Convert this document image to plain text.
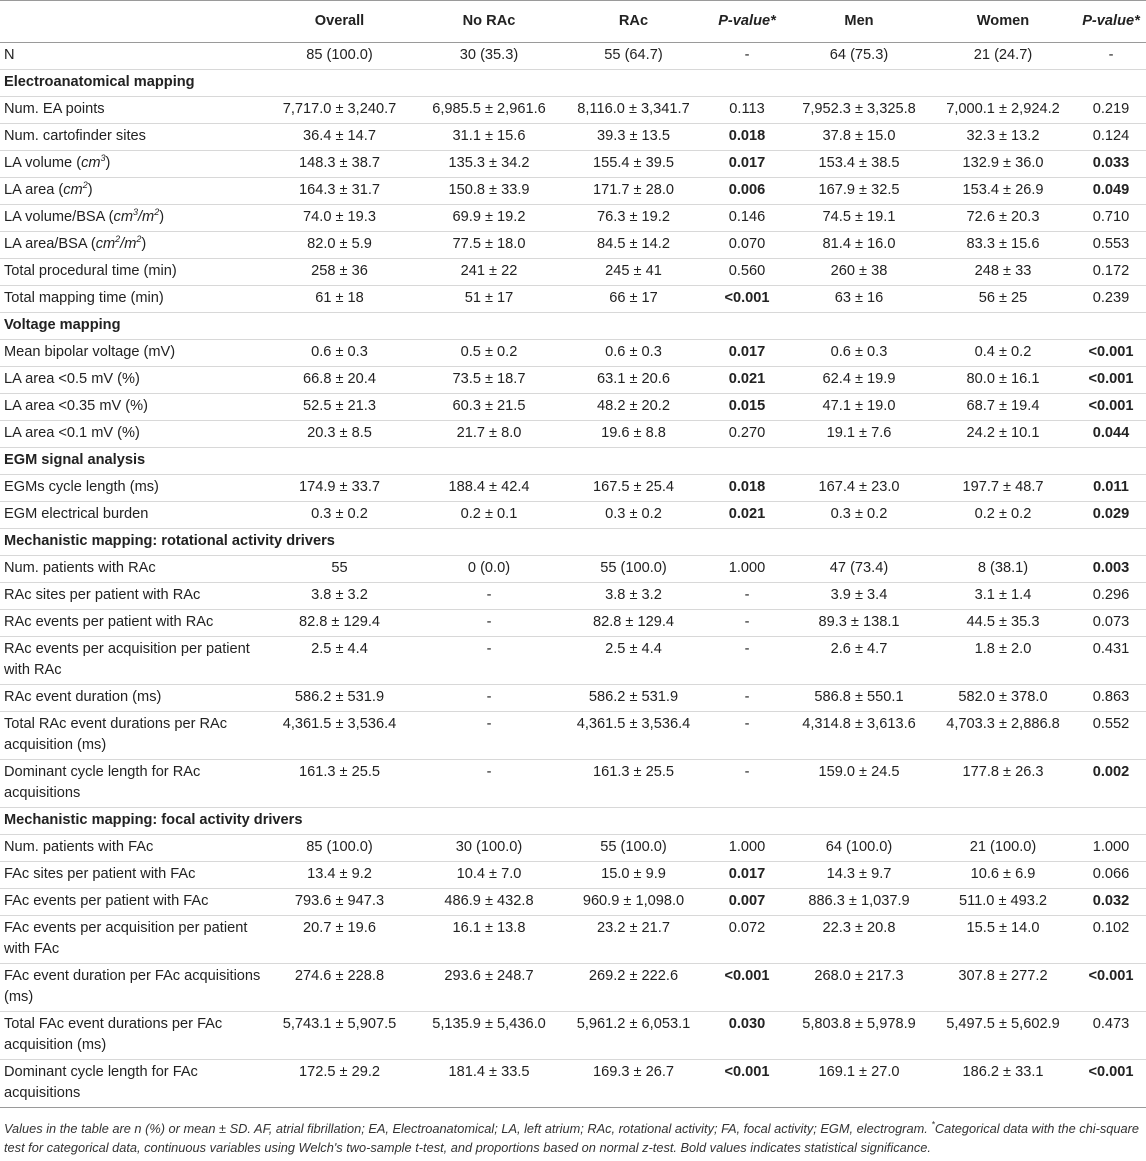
	Overall	No RAc	RAc	P-value*	Men	Women	P-value*
N	85 (100.0)	30 (35.3)	55 (64.7)	-	64 (75.3)	21 (24.7)	-
Electroanatomical mapping							
Num. EA points	7,717.0 ± 3,240.7	6,985.5 ± 2,961.6	8,116.0 ± 3,341.7	0.113	7,952.3 ± 3,325.8	7,000.1 ± 2,924.2	0.219
Num. cartofinder sites	36.4 ± 14.7	31.1 ± 15.6	39.3 ± 13.5	0.018	37.8 ± 15.0	32.3 ± 13.2	0.124
LA volume $(cm^3)$	148.3 ± 38.7	135.3 ± 34.2	155.4 ± 39.5	0.017	153.4 ± 38.5	132.9 ± 36.0	0.033
LA area $(cm^2)$	164.3 ± 31.7	150.8 ± 33.9	171.7 ± 28.0	0.006	167.9 ± 32.5	153.4 ± 26.9	0.049
LA volume/BSA $(cm^3/m^2)$	74.0 ± 19.3	69.9 ± 19.2	76.3 ± 19.2	0.146	74.5 ± 19.1	72.6 ± 20.3	0.710
LA area/BSA $(cm^2/m^2)$	82.0 ± 5.9	77.5 ± 18.0	84.5 ± 14.2	0.070	81.4 ± 16.0	83.3 ± 15.6	0.553
Total procedural time (min)	258 ± 36	241 ± 22	245 ± 41	0.560	260 ± 38	248 ± 33	0.172
Total mapping time (min)	61 ± 18	51 ± 17	66 ± 17	<0.001	63 ± 16	56 ± 25	0.239
Voltage mapping							
Mean bipolar voltage (mV)	0.6 ± 0.3	0.5 ± 0.2	0.6 ± 0.3	0.017	0.6 ± 0.3	0.4 ± 0.2	<0.001
LA area <0.5 mV (%)	66.8 ± 20.4	73.5 ± 18.7	63.1 ± 20.6	0.021	62.4 ± 19.9	80.0 ± 16.1	<0.001
LA area <0.35 mV (%)	52.5 ± 21.3	60.3 ± 21.5	48.2 ± 20.2	0.015	47.1 ± 19.0	68.7 ± 19.4	<0.001
LA area <0.1 mV (%)	20.3 ± 8.5	21.7 ± 8.0	19.6 ± 8.8	0.270	19.1 ± 7.6	24.2 ± 10.1	0.044
EGM signal analysis							
EGMs cycle length (ms)	174.9 ± 33.7	188.4 ± 42.4	167.5 ± 25.4	0.018	167.4 ± 23.0	197.7 ± 48.7	0.011
EGM electrical burden	0.3 ± 0.2	0.2 ± 0.1	0.3 ± 0.2	0.021	0.3 ± 0.2	0.2 ± 0.2	0.029
Mechanistic mapping: rotational activity drivers							
Num. patients with RAc	55	0 (0.0)	55 (100.0)	1.000	47 (73.4)	8 (38.1)	0.003
RAc sites per patient with RAc	3.8 ± 3.2	-	3.8 ± 3.2	-	3.9 ± 3.4	3.1 ± 1.4	0.296
RAc events per patient with RAc	82.8 ± 129.4	-	82.8 ± 129.4	-	89.3 ± 138.1	44.5 ± 35.3	0.073
RAc events per acquisition per patient with RAc	2.5 ± 4.4	-	2.5 ± 4.4	-	2.6 ± 4.7	1.8 ± 2.0	0.431
RAc event duration (ms)	586.2 ± 531.9	-	586.2 ± 531.9	-	586.8 ± 550.1	582.0 ± 378.0	0.863
Total RAc event durations per RAc acquisition (ms)	4,361.5 ± 3,536.4	-	4,361.5 ± 3,536.4	-	4,314.8 ± 3,613.6	4,703.3 ± 2,886.8	0.552
Dominant cycle length for RAc acquisitions	161.3 ± 25.5	-	161.3 ± 25.5	-	159.0 ± 24.5	177.8 ± 26.3	0.002
Mechanistic mapping: focal activity drivers							
Num. patients with FAc	85 (100.0)	30 (100.0)	55 (100.0)	1.000	64 (100.0)	21 (100.0)	1.000
FAc sites per patient with FAc	13.4 ± 9.2	10.4 ± 7.0	15.0 ± 9.9	0.017	14.3 ± 9.7	10.6 ± 6.9	0.066
FAc events per patient with FAc	793.6 ± 947.3	486.9 ± 432.8	960.9 ± 1,098.0	0.007	886.3 ± 1,037.9	511.0 ± 493.2	0.032
FAc events per acquisition per patient with FAc	20.7 ± 19.6	16.1 ± 13.8	23.2 ± 21.7	0.072	22.3 ± 20.8	15.5 ± 14.0	0.102
FAc event duration per FAc acquisitions (ms)	274.6 ± 228.8	293.6 ± 248.7	269.2 ± 222.6	<0.001	268.0 ± 217.3	307.8 ± 277.2	<0.001
Total FAc event durations per FAc acquisition (ms)	5,743.1 ± 5,907.5	5,135.9 ± 5,436.0	5,961.2 ± 6,053.1	0.030	5,803.8 ± 5,978.9	5,497.5 ± 5,602.9	0.473
Dominant cycle length for FAc acquisitions	172.5 ± 29.2	181.4 ± 33.5	169.3 ± 26.7	<0.001	169.1 ± 27.0	186.2 ± 33.1	<0.001
Values in the table are n (%) or mean ± SD. AF, atrial fibrillation; EA, Electroanatomical; LA, left atrium; RAc, rotational activity; FA, focal activity; EGM, electrogram. *Categorical data with the chi-square test for categorical data, continuous variables using Welch's two-sample t-test, and proportions based on normal z-test. Bold values indicates statistical significance.
